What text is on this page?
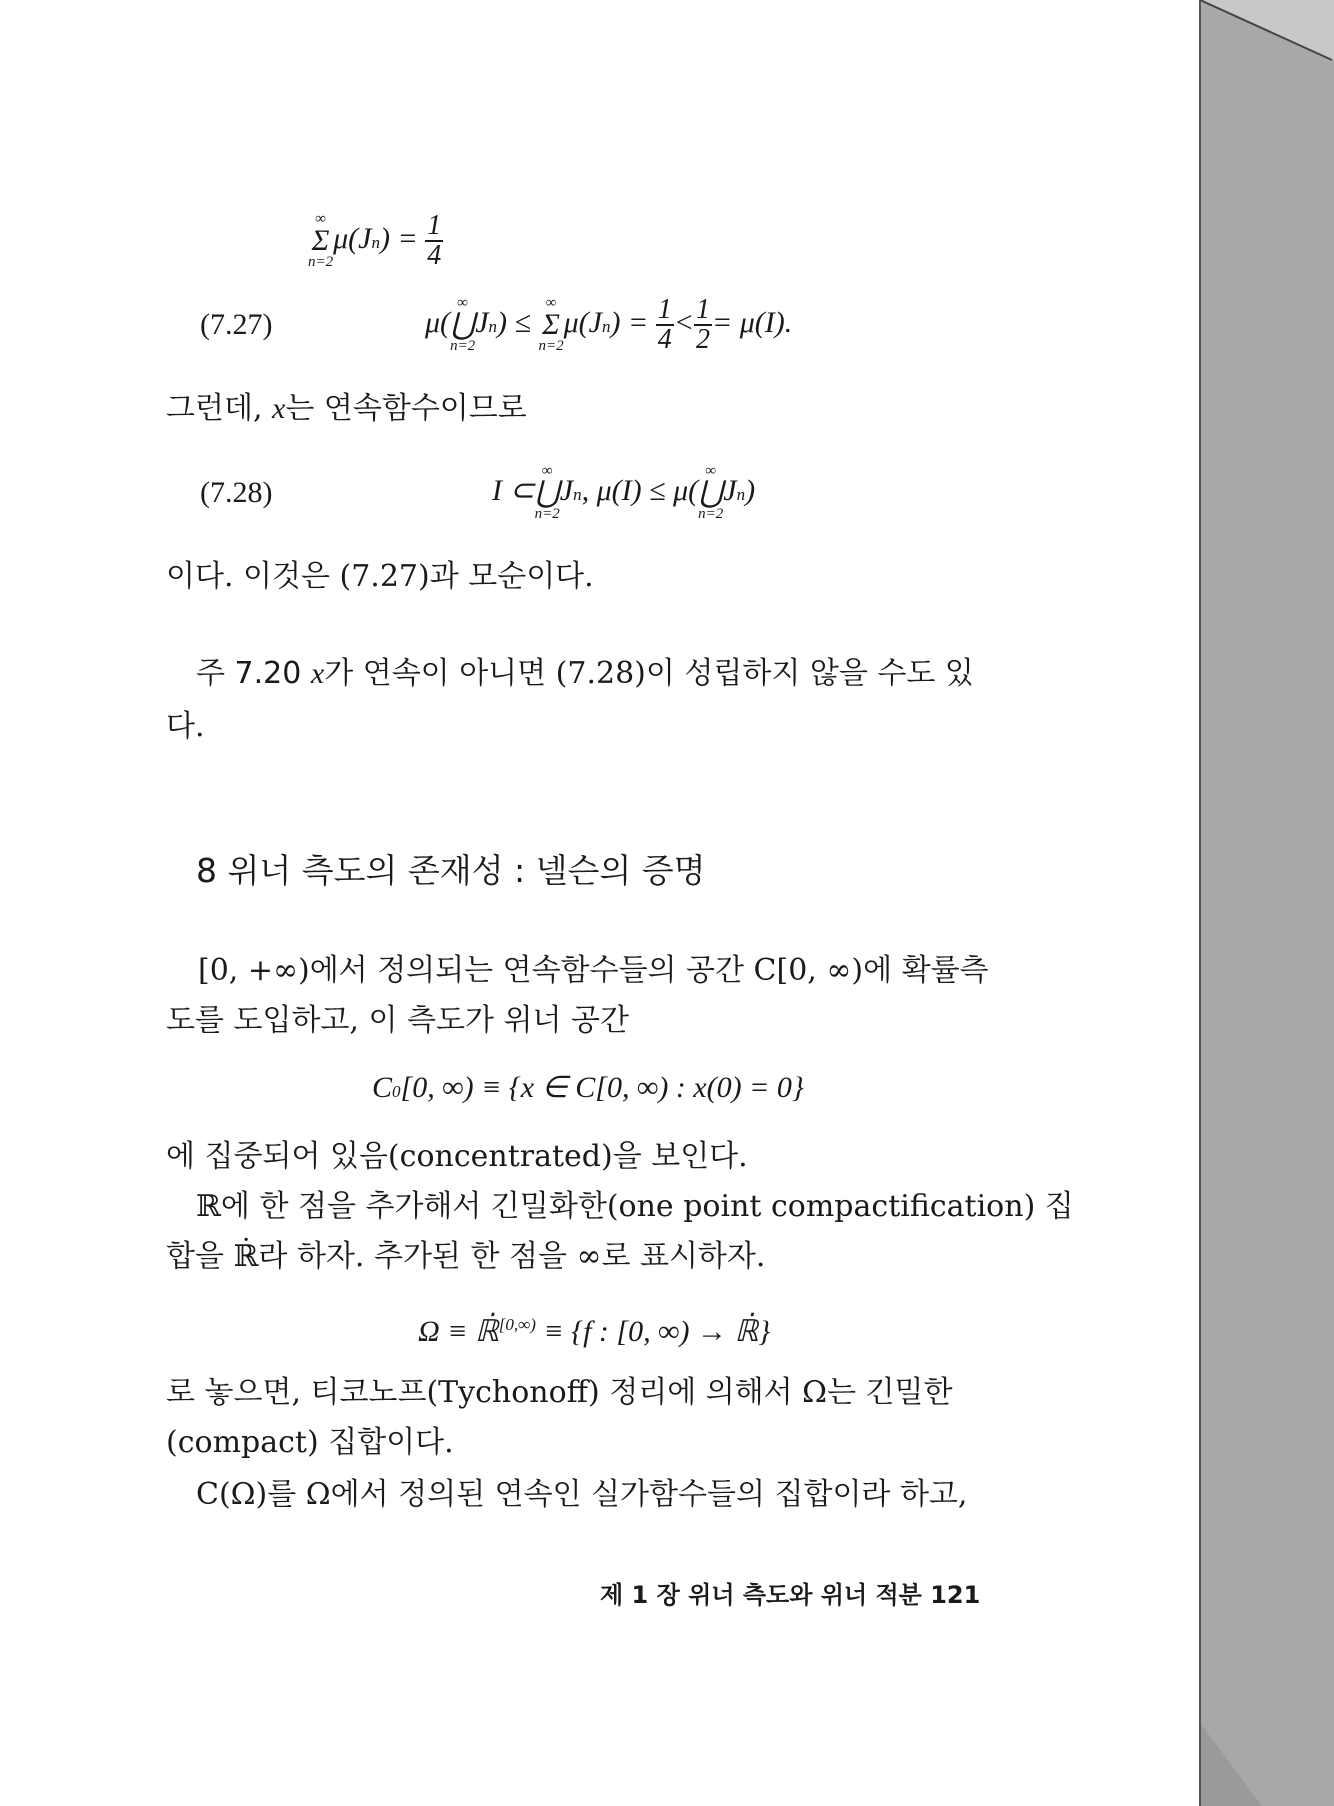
∞
Σ
n=2
$\mu(Jn) = \frac{1}{4}$
(7.27)	μ(
∞
⋃
n=2
Jn) ≤
∞
Σ
n=2
$\mu(Jn) = \frac{1}{4} < \frac{1}{2} = \mu(I)$.
그런데, x는 연속함수이므로
(7.28)	I ⊂
∞
⋃
n=2
Jn, μ(I) ≤ μ(
∞
⋃
n=2
Jn)
이다. 이것은 (7.27)과 모순이다.
주 7.20 x가 연속이 아니면 (7.28)이 성립하지 않을 수도 있
다.
8 위너 측도의 존재성 : 넬슨의 증명
[0, +∞)에서 정의되는 연속함수들의 공간 C[0, ∞)에 확률측
도를 도입하고, 이 측도가 위너 공간
C0[0, ∞) ≡ {x ∈ C[0, ∞) : x(0) = 0}
에 집중되어 있음(concentrated)을 보인다.
ℝ에 한 점을 추가해서 긴밀화한(one point compactification) 집
합을 ℝ̇라 하자. 추가된 한 점을 ∞로 표시하자.
Ω ≡ ℝ̇$^{[0,\infty)}$ ≡ {f : [0, ∞) → ℝ̇}
로 놓으면, 티코노프(Tychonoff) 정리에 의해서 Ω는 긴밀한
(compact) 집합이다.
C(Ω)를 Ω에서 정의된 연속인 실가함수들의 집합이라 하고,
제 1 장 위너 측도와 위너 적분 121
